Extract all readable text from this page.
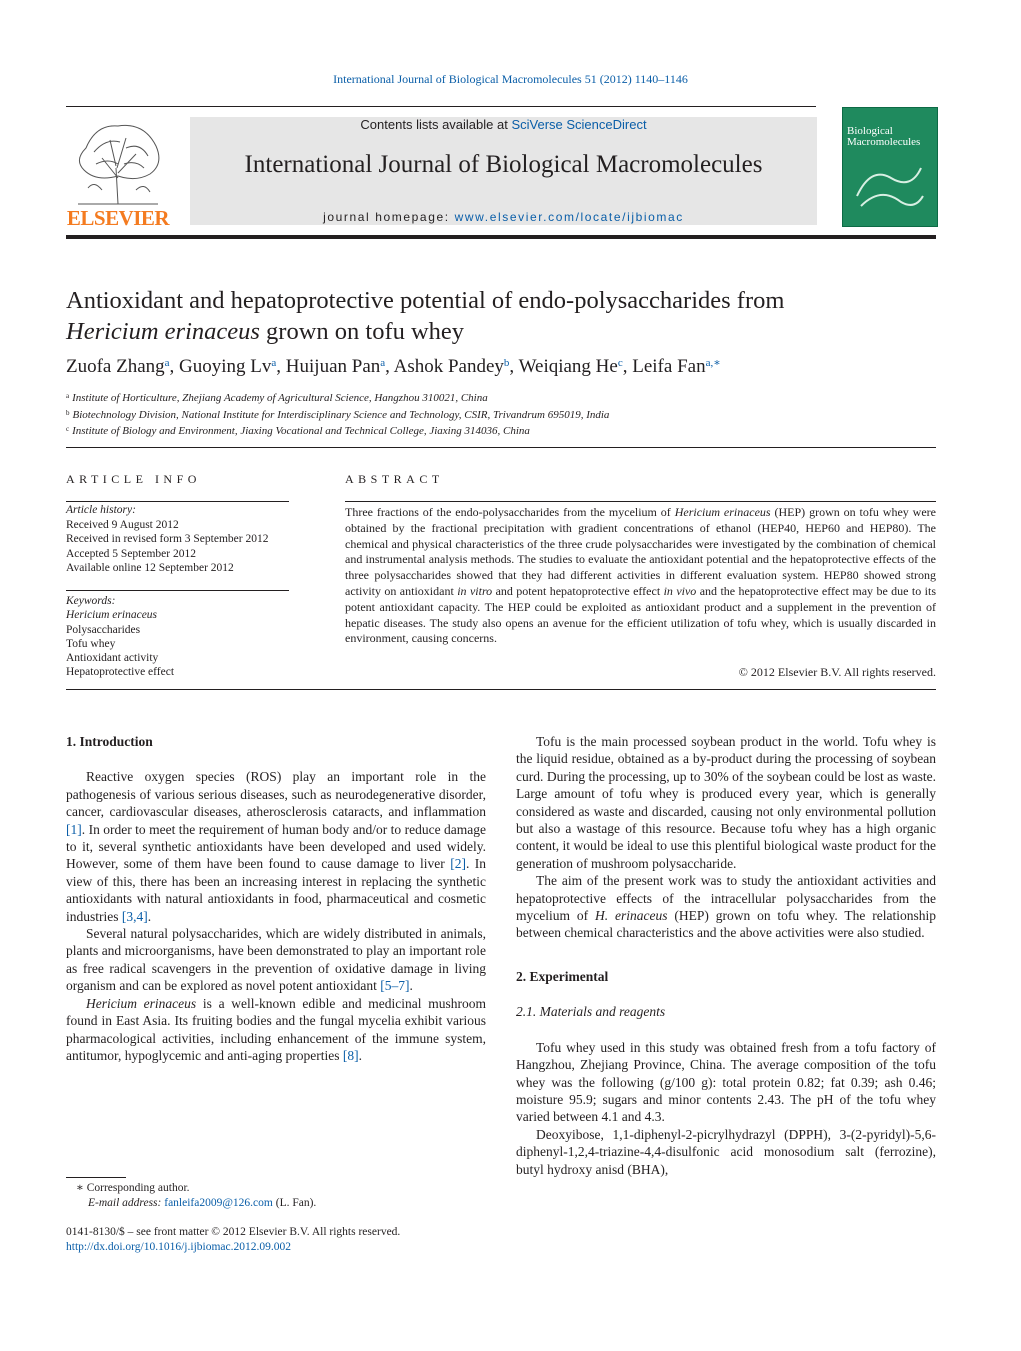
International Journal of Biological Macromolecules 51 (2012) 1140–1146
ELSEVIER
Contents lists available at SciVerse ScienceDirect
International Journal of Biological Macromolecules
journal homepage: www.elsevier.com/locate/ijbiomac
Biological Macromolecules
Antioxidant and hepatoprotective potential of endo-polysaccharides from
Hericium erinaceus grown on tofu whey
Zuofa Zhang$^a$, Guoying Lv$^a$, Huijuan Pan$^a$, Ashok Pandey$^b$, Weiqiang He$^c$, Leifa Fan$^{a,∗}$
$^a$ Institute of Horticulture, Zhejiang Academy of Agricultural Science, Hangzhou 310021, China
$^b$ Biotechnology Division, National Institute for Interdisciplinary Science and Technology, CSIR, Trivandrum 695019, India
$^c$ Institute of Biology and Environment, Jiaxing Vocational and Technical College, Jiaxing 314036, China
ARTICLE INFO
Article history:
Received 9 August 2012
Received in revised form 3 September 2012
Accepted 5 September 2012
Available online 12 September 2012
Keywords:
Hericium erinaceus
Polysaccharides
Tofu whey
Antioxidant activity
Hepatoprotective effect
ABSTRACT
Three fractions of the endo-polysaccharides from the mycelium of Hericium erinaceus (HEP) grown on tofu whey were obtained by the fractional precipitation with gradient concentrations of ethanol (HEP40, HEP60 and HEP80). The chemical and physical characteristics of the three crude polysaccharides were investigated by the combination of chemical and instrumental analysis methods. The studies to evaluate the antioxidant potential and the hepatoprotective effects of the three polysaccharides showed that they had different activities in different evaluation system. HEP80 showed strong activity on antioxidant in vitro and potent hepatoprotective effect in vivo and the hepatoprotective effect may be due to its potent antioxidant capacity. The HEP could be exploited as antioxidant product and a supplement in the prevention of hepatic diseases. The study also opens an avenue for the efficient utilization of tofu whey, which is usually discarded in environment, causing concerns.
© 2012 Elsevier B.V. All rights reserved.
1. Introduction

Reactive oxygen species (ROS) play an important role in the pathogenesis of various serious diseases, such as neurodegenerative disorder, cancer, cardiovascular diseases, atherosclerosis cataracts, and inflammation [1]. In order to meet the requirement of human body and/or to reduce damage to it, several synthetic antioxidants have been developed and used widely. However, some of them have been found to cause damage to liver [2]. In view of this, there has been an increasing interest in replacing the synthetic antioxidants with natural antioxidants in food, pharmaceutical and cosmetic industries [3,4].

Several natural polysaccharides, which are widely distributed in animals, plants and microorganisms, have been demonstrated to play an important role as free radical scavengers in the prevention of oxidative damage in living organism and can be explored as novel potent antioxidant [5–7].

Hericium erinaceus is a well-known edible and medicinal mushroom found in East Asia. Its fruiting bodies and the fungal mycelia exhibit various pharmacological activities, including enhancement of the immune system, antitumor, hypoglycemic and anti-aging properties [8].

Tofu is the main processed soybean product in the world. Tofu whey is the liquid residue, obtained as a by-product during the processing of soybean curd. During the processing, up to 30% of the soybean could be lost as waste. Large amount of tofu whey is produced every year, which is generally considered as waste and discarded, causing not only environmental pollution but also a wastage of this resource. Because tofu whey has a high organic content, it would be ideal to use this plentiful biological waste product for the generation of mushroom polysaccharide.

The aim of the present work was to study the antioxidant activities and hepatoprotective effects of the intracellular polysaccharides from the mycelium of H. erinaceus (HEP) grown on tofu whey. The relationship between chemical characteristics and the above activities were also studied.

2. Experimental
2.1. Materials and reagents

Tofu whey used in this study was obtained fresh from a tofu factory of Hangzhou, Zhejiang Province, China. The average composition of the tofu whey was the following (g/100 g): total protein 0.82; fat 0.39; ash 0.46; moisture 95.9; sugars and minor contents 2.43. The pH of the tofu whey varied between 4.1 and 4.3.

Deoxyibose, 1,1-diphenyl-2-picrylhydrazyl (DPPH), 3-(2-pyridyl)-5,6-diphenyl-1,2,4-triazine-4,4-disulfonic acid monosodium salt (ferrozine), butyl hydroxy anisd (BHA),

∗ Corresponding author.
E-mail address: fanleifa2009@126.com (L. Fan).
0141-8130/$ – see front matter © 2012 Elsevier B.V. All rights reserved.
http://dx.doi.org/10.1016/j.ijbiomac.2012.09.002
